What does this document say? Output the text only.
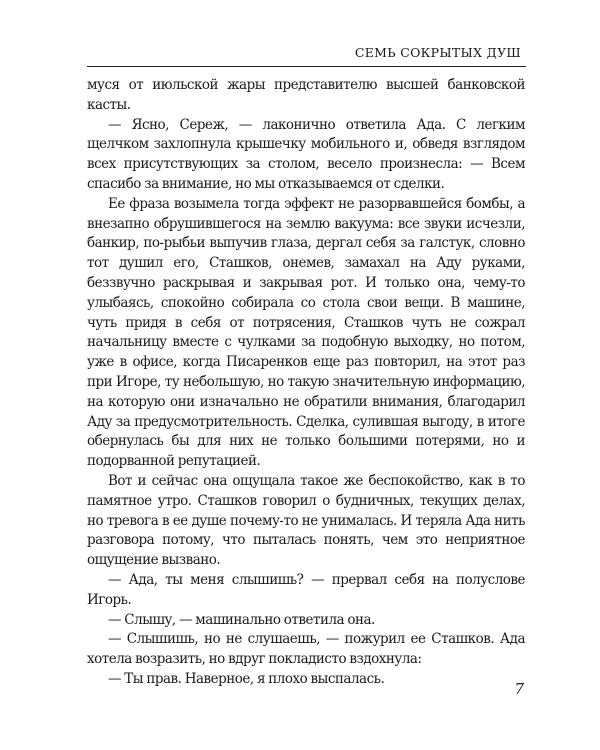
СЕМЬ СОКРЫТЫХ ДУШ

муся от июльской жары представителю высшей банковской касты.

— Ясно, Сереж, — лаконично ответила Ада. С легким щелчком захлопнула крышечку мобильного и, обведя взглядом всех присутствующих за столом, весело произнесла: — Всем спасибо за внимание, но мы отказываемся от сделки.

Ее фраза возымела тогда эффект не разорвавшейся бомбы, а внезапно обрушившегося на землю вакуума: все звуки исчезли, банкир, по-рыбьи выпучив глаза, дергал себя за галстук, словно тот душил его, Сташков, онемев, замахал на Аду руками, беззвучно раскрывая и закрывая рот. И только она, чему-то улыбаясь, спокойно собирала со стола свои вещи. В машине, чуть придя в себя от потрясения, Сташков чуть не сожрал начальницу вместе с чулками за подобную выходку, но потом, уже в офисе, когда Писаренков еще раз повторил, на этот раз при Игоре, ту небольшую, но такую значительную информацию, на которую они изначально не обратили внимания, благодарил Аду за предусмотрительность. Сделка, сулившая выгоду, в итоге обернулась бы для них не только большими потерями, но и подорванной репутацией.

Вот и сейчас она ощущала такое же беспокойство, как в то памятное утро. Сташков говорил о будничных, текущих делах, но тревога в ее душе почему-то не унималась. И теряла Ада нить разговора потому, что пыталась понять, чем это неприятное ощущение вызвано.

— Ада, ты меня слышишь? — прервал себя на полуслове Игорь.

— Слышу, — машинально ответила она.

— Слышишь, но не слушаешь, — пожурил ее Сташков. Ада хотела возразить, но вдруг покладисто вздохнула:

— Ты прав. Наверное, я плохо выспалась.

7
